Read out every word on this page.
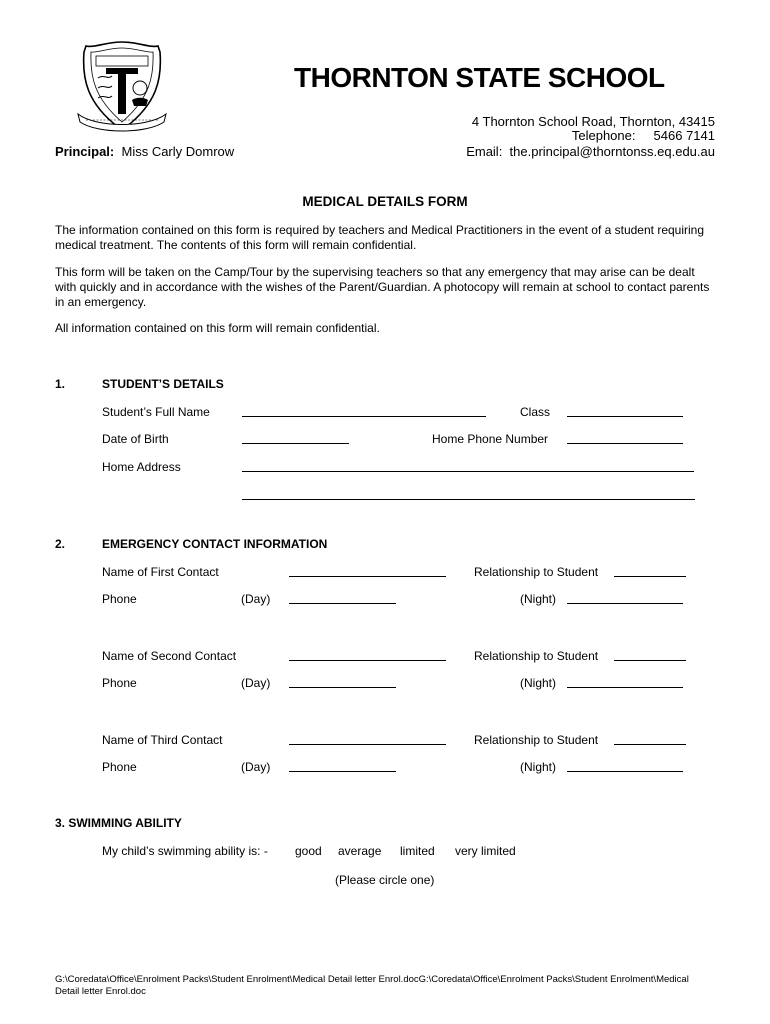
THORNTON STATE SCHOOL
4 Thornton School Road, Thornton, 43415
Telephone: 5466 7141
Email: the.principal@thorntonss.eq.edu.au
Principal: Miss Carly Domrow
MEDICAL DETAILS FORM
The information contained on this form is required by teachers and Medical Practitioners in the event of a student requiring medical treatment. The contents of this form will remain confidential.
This form will be taken on the Camp/Tour by the supervising teachers so that any emergency that may arise can be dealt with quickly and in accordance with the wishes of the Parent/Guardian. A photocopy will remain at school to contact parents in an emergency.
All information contained on this form will remain confidential.
1.	STUDENT’S DETAILS
Student’s Full Name	Class
Date of Birth	Home Phone Number
Home Address
2.	EMERGENCY CONTACT INFORMATION
Name of First Contact	Relationship to Student
Phone	(Day)	(Night)
Name of Second Contact	Relationship to Student
Phone	(Day)	(Night)
Name of Third Contact	Relationship to Student
Phone	(Day)	(Night)
3. SWIMMING ABILITY
My child’s swimming ability is: - good average limited very limited
(Please circle one)
G:\Coredata\Office\Enrolment Packs\Student Enrolment\Medical Detail letter Enrol.docG:\Coredata\Office\Enrolment Packs\Student Enrolment\Medical Detail letter Enrol.doc
